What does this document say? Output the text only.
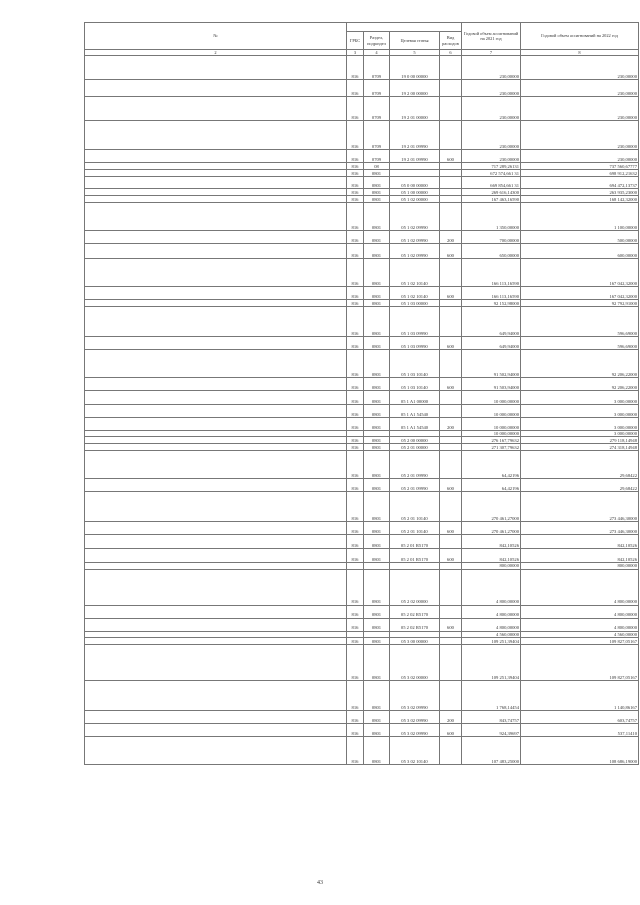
№					Годовой объем ассигнований на 2021 год	Годовой объем ассигнований на 2022 год
	ГРБС	Раздел, подраздел	Целевая статья	Вид расходов		
2	3	4	5	6	7	8
	816	0709	19 0 00 00000		230,00000	230,00000
	816	0709	19 2 00 00000		230,00000	230,00000
	816	0709	19 2 01 00000		230,00000	230,00000
	816	0709	19 2 01 09990		230,00000	230,00000
	816	0709	19 2 01 09990	600	230,00000	230,00000
	816	08			717 289,26131	737 560,67777
	816	0801			672 574,661 31	698 912,21632
	816	0801	05 0 00 00000		669 854,661 31	694 472,13737
	816	0801	05 1 00 00000		269 616,14300	263 935,23000
	816	0801	05 1 02 00000		167 463,16590	168 142,32000
	816	0801	05 1 02 09990		1 350,00000	1 100,00000
	816	0801	05 1 02 09990	200	700,00000	500,00000
	816	0801	05 1 02 09990	600	650,00000	600,00000
	816	0801	05 1 02 10140		166 113,16590	167 042,32000
	816	0801	05 1 02 10140	600	166 113,16590	167 042,32000
	816	0801	05 1 03 00000		92 152,98000	92 792,91000
	816	0801	05 1 03 09990		649,94000	596,69000
	816	0801	05 1 03 09990	600	649,94000	596,69000
	816	0801	05 1 03 10140		91 502,94000	92 206,22000
	816	0801	05 1 03 10140	600	91 503,94000	92 206,22000
	816	0801	05 1 A1 00000		10 000,00000	3 000,00000
	816	0801	05 1 A1 54540		10 000,00000	3 000,00000
	816	0801	05 1 A1 54540	200	10 000,00000	3 000,00000
					10 000,00000	3 000,00000
	816	0801	05 2 00 00000		276 167,79632	279 118,14948
	816	0801	05 2 01 00000		271 307,79632	274 318,14948
	816	0801	05 2 01 09990		64,42196	29,68422
	816	0801	05 2 01 09990	600	64,42196	29,68422
	816	0801	05 2 01 10140		270 461,27000	273 446,30000
	816	0801	05 2 01 10140	600	270 461,27000	273 446,30000
	816	0801	05 2 01 R5170		842,10526	842,10526
	816	0801	05 2 01 R5170	600	842,10526	842,10526
					800,00000	800,00000
	816	0801	05 2 02 00000		4 800,00000	4 800,00000
	816	0801	05 2 02 R5170		4 800,00000	4 800,00000
	816	0801	05 2 02 R5170	600	4 800,00000	4 800,00000
					4 560,00000	4 560,00000
	816	0801	05 3 00 00000		109 251,39404	109 827,05167
	816	0801	05 3 02 00000		109 251,39404	109 827,05167
	816	0801	05 3 02 09990		1 768,14454	1 140,86167
	816	0801	05 3 02 09990	200	843,74757	603,74757
	816	0801	05 3 02 09990	600	924,39697	537,11410
	816	0801	05 3 02 10140		107 483,25000	108 686,19000
43
